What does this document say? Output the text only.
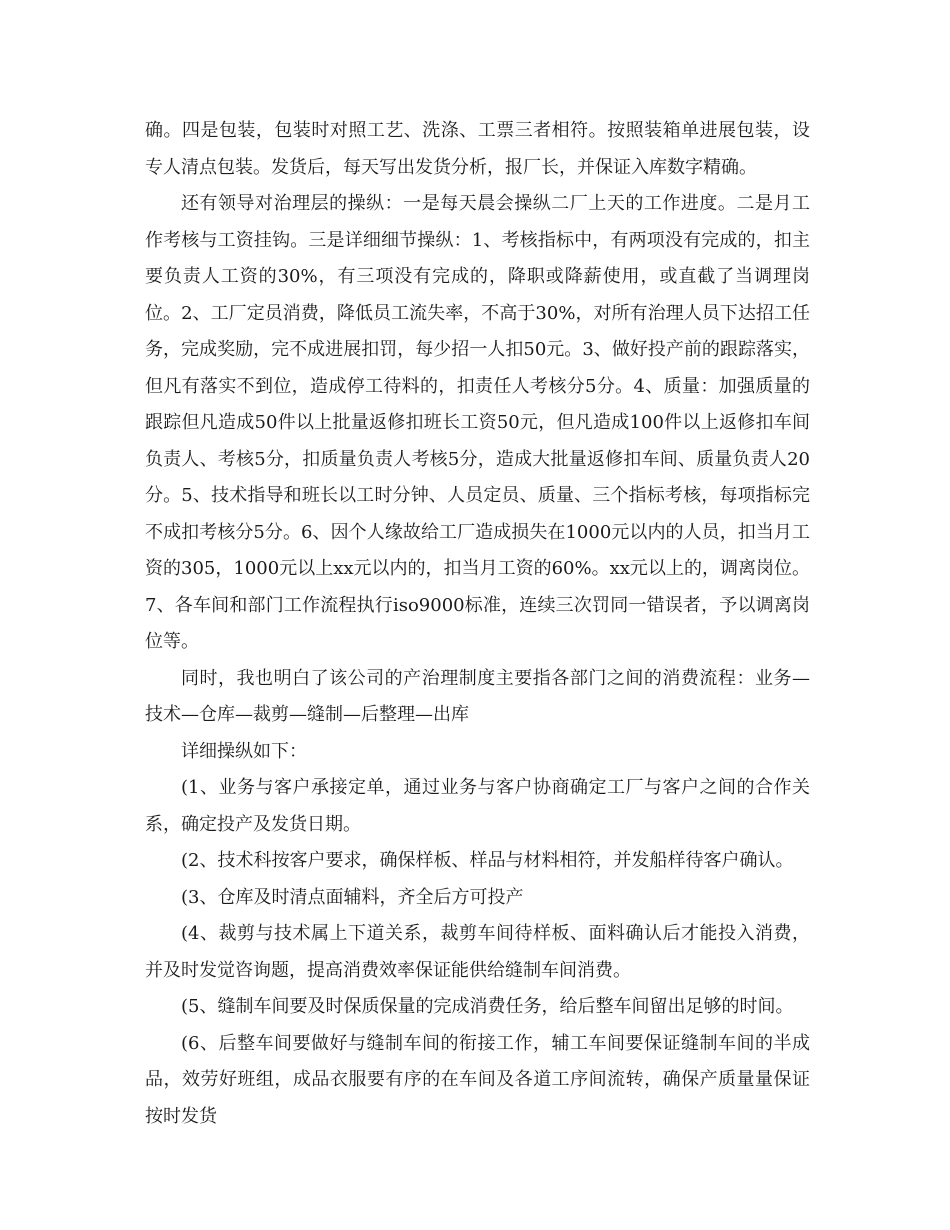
确。四是包装，包装时对照工艺、洗涤、工票三者相符。按照装箱单进展包装，设专人清点包装。发货后，每天写出发货分析，报厂长，并保证入库数字精确。

还有领导对治理层的操纵：一是每天晨会操纵二厂上天的工作进度。二是月工作考核与工资挂钩。三是详细细节操纵：1、考核指标中，有两项没有完成的，扣主要负责人工资的30%，有三项没有完成的，降职或降薪使用，或直截了当调理岗位。2、工厂定员消费，降低员工流失率，不高于30%，对所有治理人员下达招工任务，完成奖励，完不成进展扣罚，每少招一人扣50元。3、做好投产前的跟踪落实，但凡有落实不到位，造成停工待料的，扣责任人考核分5分。4、质量：加强质量的跟踪但凡造成50件以上批量返修扣班长工资50元，但凡造成100件以上返修扣车间负责人、考核5分，扣质量负责人考核5分，造成大批量返修扣车间、质量负责人20分。5、技术指导和班长以工时分钟、人员定员、质量、三个指标考核，每项指标完不成扣考核分5分。6、因个人缘故给工厂造成损失在1000元以内的人员，扣当月工资的305，1000元以上xx元以内的，扣当月工资的60%。xx元以上的，调离岗位。7、各车间和部门工作流程执行iso9000标准，连续三次罚同一错误者，予以调离岗位等。

同时，我也明白了该公司的产治理制度主要指各部门之间的消费流程：业务—技术—仓库—裁剪—缝制—后整理—出库

详细操纵如下：

(1、业务与客户承接定单，通过业务与客户协商确定工厂与客户之间的合作关系，确定投产及发货日期。

(2、技术科按客户要求，确保样板、样品与材料相符，并发船样待客户确认。

(3、仓库及时清点面辅料，齐全后方可投产

(4、裁剪与技术属上下道关系，裁剪车间待样板、面料确认后才能投入消费，并及时发觉咨询题，提高消费效率保证能供给缝制车间消费。

(5、缝制车间要及时保质保量的完成消费任务，给后整车间留出足够的时间。

(6、后整车间要做好与缝制车间的衔接工作，辅工车间要保证缝制车间的半成品，效劳好班组，成品衣服要有序的在车间及各道工序间流转，确保产质量量保证按时发货
